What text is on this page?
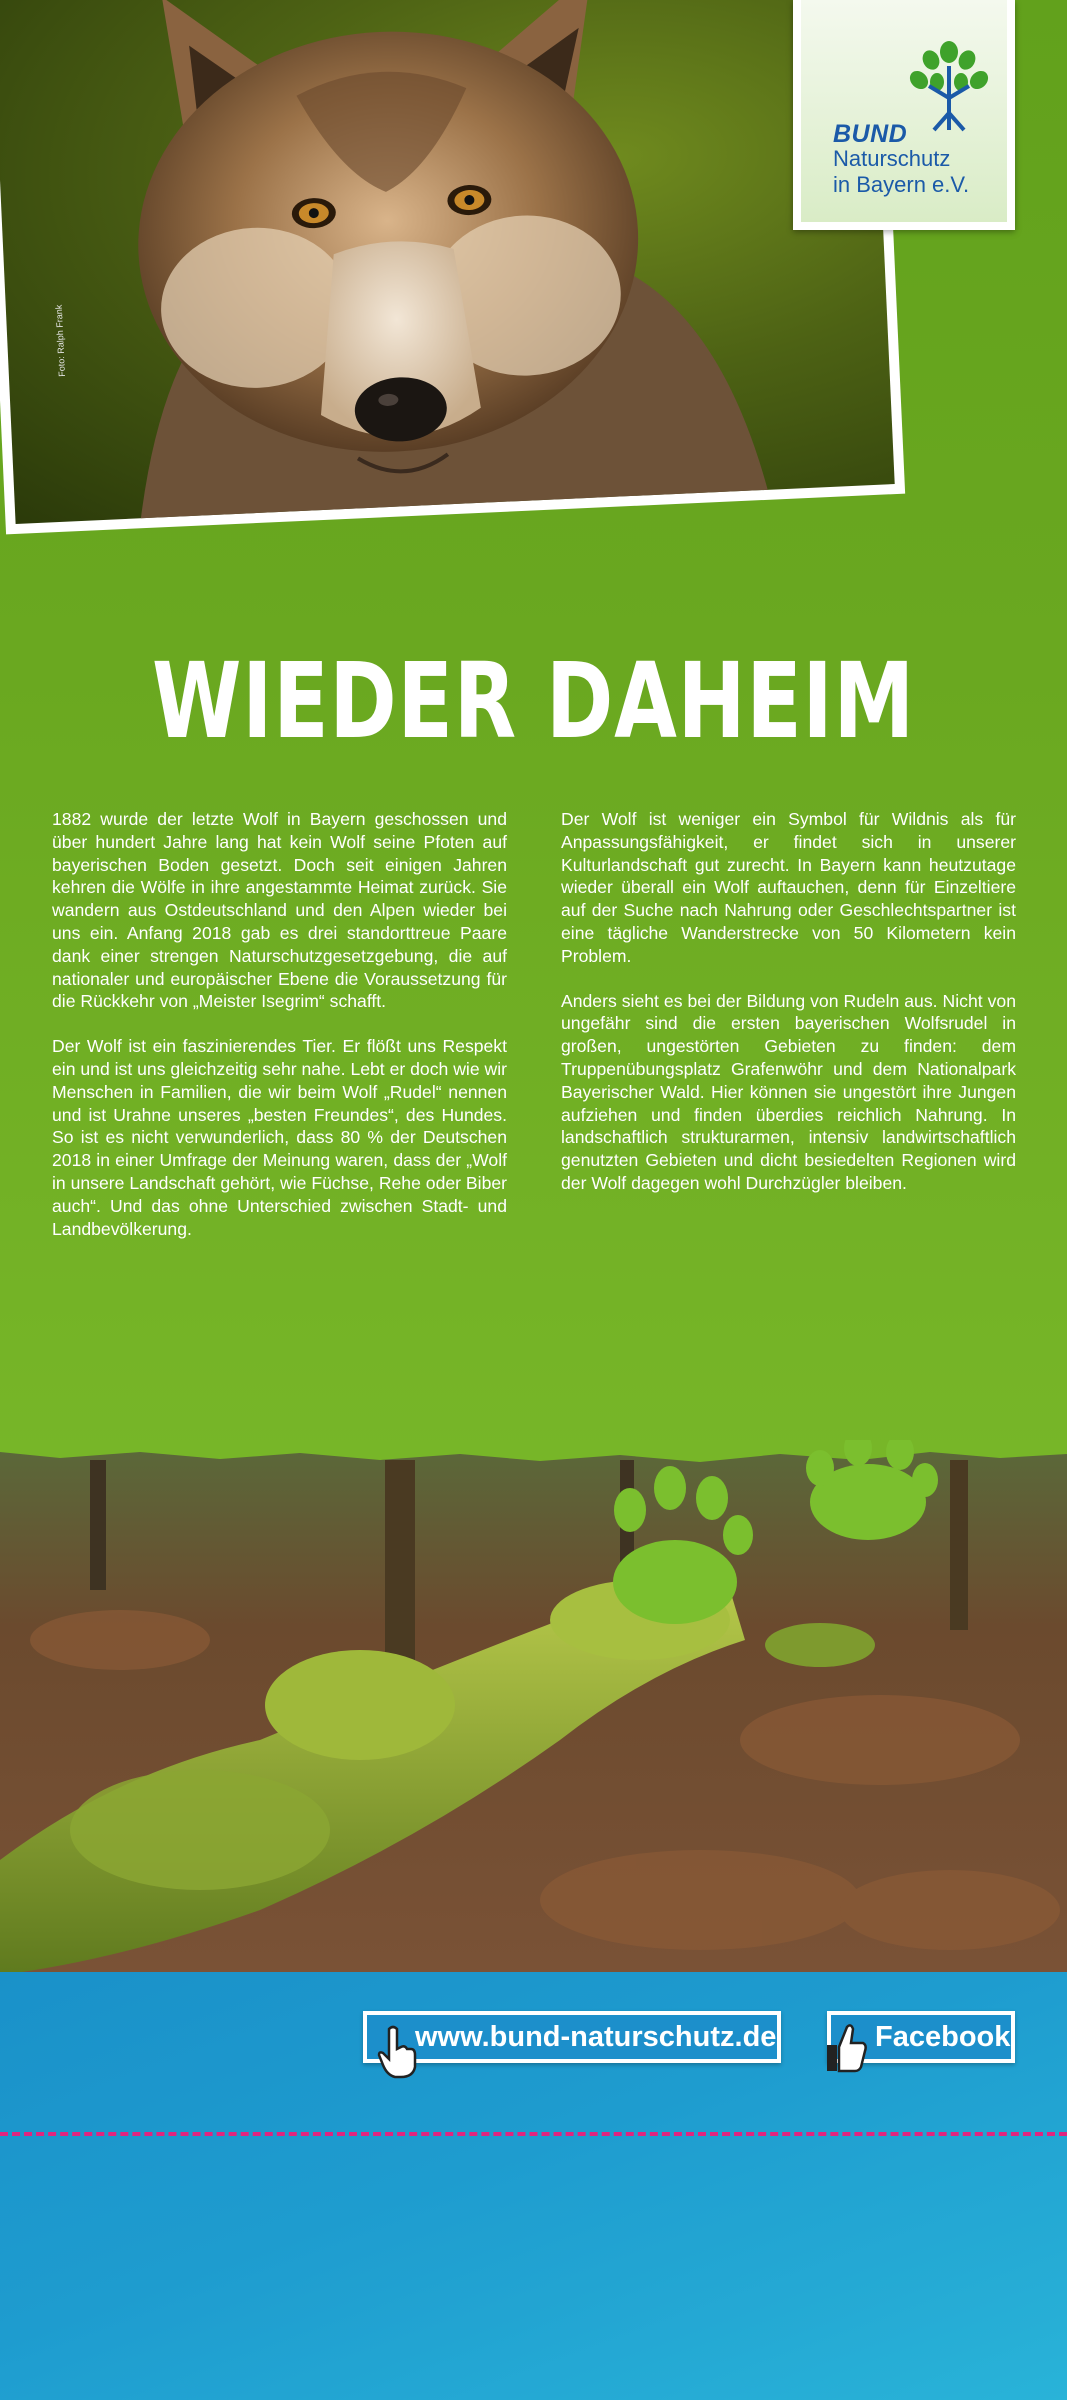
Foto: Ralph Frank
BUND
Naturschutz
in Bayern e.V.
WIEDER DAHEIM

1882 wurde der letzte Wolf in Bayern geschossen und über hundert Jahre lang hat kein Wolf seine Pfoten auf bayerischen Boden gesetzt. Doch seit einigen Jahren kehren die Wölfe in ihre angestammte Heimat zurück. Sie wandern aus Ostdeutschland und den Alpen wieder bei uns ein. Anfang 2018 gab es drei standorttreue Paare dank einer strengen Naturschutzgesetzgebung, die auf nationaler und europäischer Ebene die Voraussetzung für die Rückkehr von „Meister Isegrim“ schafft.

Der Wolf ist ein faszinierendes Tier. Er flößt uns Respekt ein und ist uns gleichzeitig sehr nahe. Lebt er doch wie wir Menschen in Familien, die wir beim Wolf „Rudel“ nennen und ist Urahne unseres „besten Freundes“, des Hundes. So ist es nicht verwunderlich, dass 80 % der Deutschen 2018 in einer Umfrage der Meinung waren, dass der „Wolf in unsere Landschaft gehört, wie Füchse, Rehe oder Biber auch“. Und das ohne Unterschied zwischen Stadt- und Landbevölkerung.

Der Wolf ist weniger ein Symbol für Wildnis als für Anpassungsfähigkeit, er findet sich in unserer Kulturlandschaft gut zurecht. In Bayern kann heutzutage wieder überall ein Wolf auftauchen, denn für Einzeltiere auf der Suche nach Nahrung oder Geschlechtspartner ist eine tägliche Wanderstrecke von 50 Kilometern kein Problem.

Anders sieht es bei der Bildung von Rudeln aus. Nicht von ungefähr sind die ersten bayerischen Wolfsrudel in großen, ungestörten Gebieten zu finden: dem Truppenübungsplatz Grafenwöhr und dem Nationalpark Bayerischer Wald. Hier können sie ungestört ihre Jungen aufziehen und finden überdies reichlich Nahrung. In landschaftlich strukturarmen, intensiv landwirtschaftlich genutzten Gebieten und dicht besiedelten Regionen wird der Wolf dagegen wohl Durchzügler bleiben.

www.bund-naturschutz.de	Facebook
